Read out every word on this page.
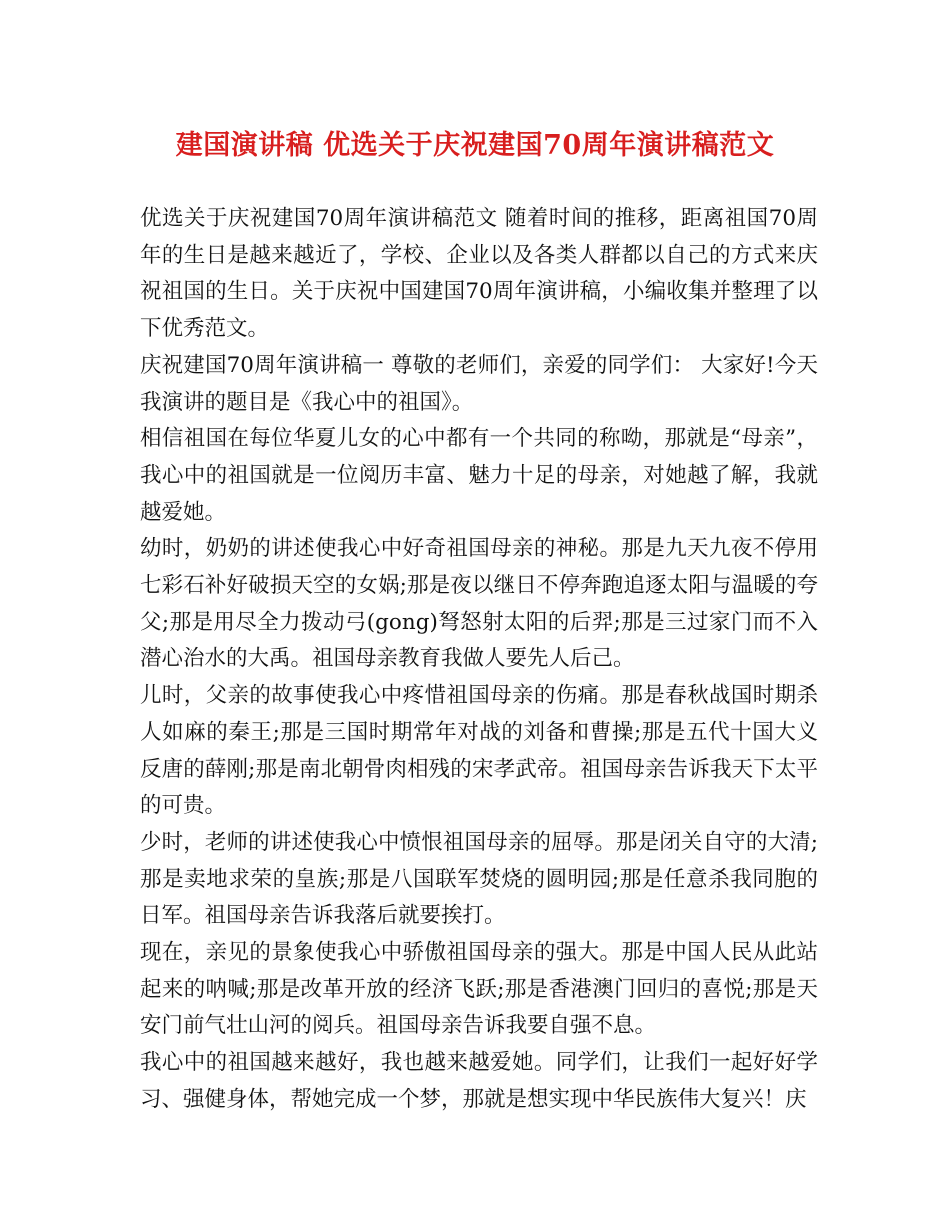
建国演讲稿 优选关于庆祝建国70周年演讲稿范文

优选关于庆祝建国70周年演讲稿范文 随着时间的推移，距离祖国70周年的生日是越来越近了，学校、企业以及各类人群都以自己的方式来庆祝祖国的生日。关于庆祝中国建国70周年演讲稿，小编收集并整理了以下优秀范文。

庆祝建国70周年演讲稿一 尊敬的老师们，亲爱的同学们： 大家好!今天我演讲的题目是《我心中的祖国》。

相信祖国在每位华夏儿女的心中都有一个共同的称呦，那就是“母亲”，我心中的祖国就是一位阅历丰富、魅力十足的母亲，对她越了解，我就越爱她。

幼时，奶奶的讲述使我心中好奇祖国母亲的神秘。那是九天九夜不停用七彩石补好破损天空的女娲;那是夜以继日不停奔跑追逐太阳与温暖的夸父;那是用尽全力拨动弓(gong)弩怒射太阳的后羿;那是三过家门而不入潜心治水的大禹。祖国母亲教育我做人要先人后己。

儿时，父亲的故事使我心中疼惜祖国母亲的伤痛。那是春秋战国时期杀人如麻的秦王;那是三国时期常年对战的刘备和曹操;那是五代十国大义反唐的薛刚;那是南北朝骨肉相残的宋孝武帝。祖国母亲告诉我天下太平的可贵。

少时，老师的讲述使我心中愤恨祖国母亲的屈辱。那是闭关自守的大清;那是卖地求荣的皇族;那是八国联军焚烧的圆明园;那是任意杀我同胞的日军。祖国母亲告诉我落后就要挨打。

现在，亲见的景象使我心中骄傲祖国母亲的强大。那是中国人民从此站起来的呐喊;那是改革开放的经济飞跃;那是香港澳门回归的喜悦;那是天安门前气壮山河的阅兵。祖国母亲告诉我要自强不息。

我心中的祖国越来越好，我也越来越爱她。同学们，让我们一起好好学习、强健身体，帮她完成一个梦，那就是想实现中华民族伟大复兴！庆
